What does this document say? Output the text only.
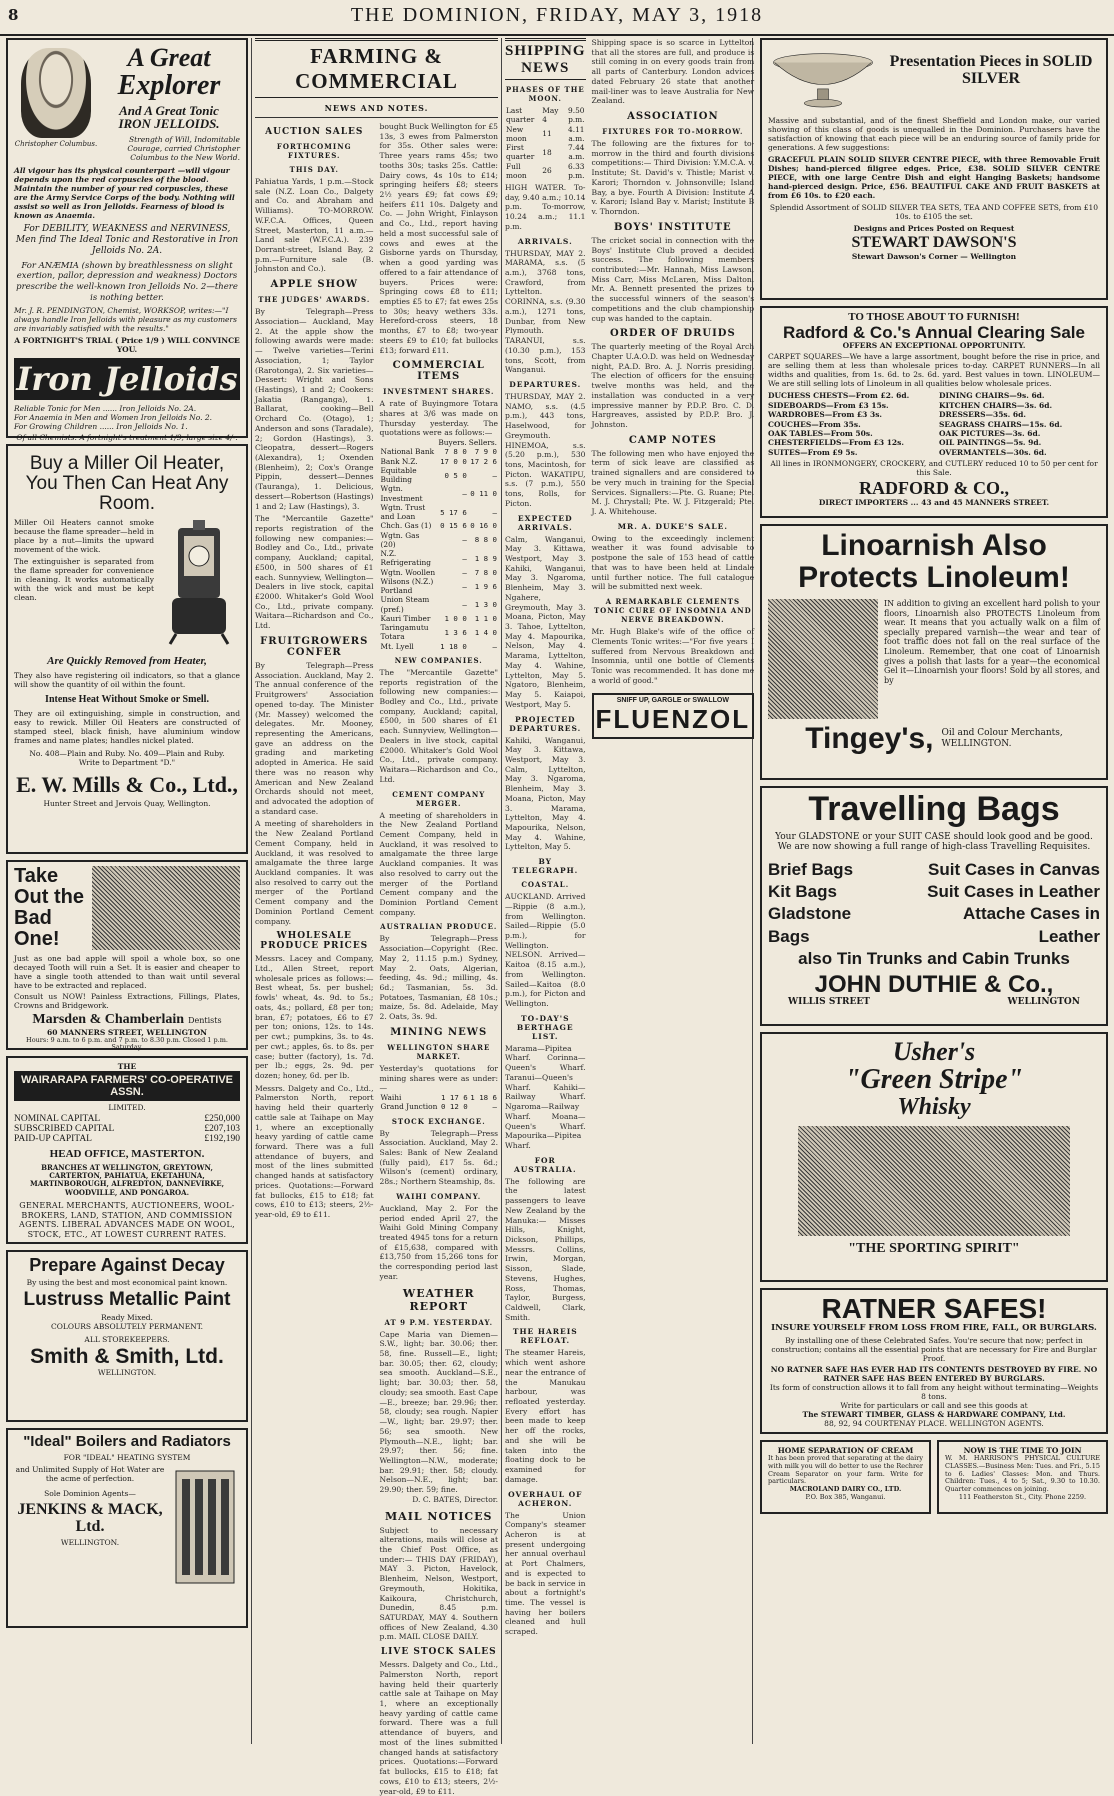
8	THE DOMINION, FRIDAY, MAY 3, 1918
Christopher Columbus.
A Great
Explorer
And A Great Tonic
IRON JELLOIDS.
Strength of Will, Indomitable Courage, carried Christopher Columbus to the New World.
All vigour has its physical counterpart —will vigour depends upon the red corpuscles of the blood. Maintain the number of your red corpuscles, these are the Army Service Corps of the body. Nothing will assist so well as Iron Jelloids. Fearness of blood is known as Anaemia.
For DEBILITY, WEAKNESS and NERVINESS, Men find The Ideal Tonic and Restorative in Iron Jelloids No. 2A.
For ANÆMIA (shown by breathlessness on slight exertion, pallor, depression and weakness) Doctors prescribe the well-known Iron Jelloids No. 2—there is nothing better.
Mr. J. R. PENDINGTON, Chemist, WORKSOP, writes:—"I always handle Iron Jelloids with pleasure as my customers are invariably satisfied with the results."
A FORTNIGHT'S TRIAL ( Price 1/9 ) WILL CONVINCE YOU.
Iron Jelloids
Reliable Tonic for Men ...... Iron Jelloids No. 2A.
For Anaemia in Men and Women Iron Jelloids No. 2.
For Growing Children ...... Iron Jelloids No. 1.
Of all Chemists. A fortnight's treatment 1/9, large size 4/-.
Buy a Miller Oil Heater, You Then Can Heat Any Room.
Miller Oil Heaters cannot smoke because the flame spreader—held in place by a nut—limits the upward movement of the wick.
The extinguisher is separated from the flame spreader for convenience in cleaning. It works automatically with the wick and must be kept clean.
Are Quickly Removed from Heater,
They also have registering oil indicators, so that a glance will show the quantity of oil within the fount.
Intense Heat Without Smoke or Smell.
They are oil extinguishing, simple in construction, and easy to rewick. Miller Oil Heaters are constructed of stamped steel, black finish, have aluminium window frames and name plates; handles nickel plated.
No. 408—Plain and Ruby. No. 409—Plain and Ruby.
Write to Department "D."
E. W. Mills & Co., Ltd.,
Hunter Street and Jervois Quay, Wellington.
Take Out the Bad One!
Just as one bad apple will spoil a whole box, so one decayed Tooth will ruin a Set. It is easier and cheaper to have a single tooth attended to than wait until several have to be extracted and replaced.
Consult us NOW! Painless Extractions, Fillings, Plates, Crowns and Bridgework.
Marsden & Chamberlain Dentists
60 MANNERS STREET, WELLINGTON
Hours: 9 a.m. to 6 p.m. and 7 p.m. to 8.30 p.m. Closed 1 p.m. Saturday.
THE
WAIRARAPA FARMERS' CO-OPERATIVE ASSN.
LIMITED.
NOMINAL CAPITAL	£250,000
SUBSCRIBED CAPITAL	£207,103
PAID-UP CAPITAL	£192,190
HEAD OFFICE, MASTERTON.
BRANCHES AT WELLINGTON, GREYTOWN, CARTERTON, PAHIATUA, EKETAHUNA, MARTINBOROUGH, ALFREDTON, DANNEVIRKE, WOODVILLE, AND PONGAROA.
GENERAL MERCHANTS, AUCTIONEERS, WOOL-BROKERS, LAND, STATION, AND COMMISSION AGENTS. LIBERAL ADVANCES MADE ON WOOL, STOCK, ETC., AT LOWEST CURRENT RATES.
Prepare Against Decay
By using the best and most economical paint known.
Lustruss Metallic Paint
Ready Mixed.
COLOURS ABSOLUTELY PERMANENT.
ALL STOREKEEPERS.
Smith & Smith, Ltd.
WELLINGTON.
"Ideal" Boilers and Radiators
FOR "IDEAL" HEATING SYSTEM
and Unlimited Supply of Hot Water are the acme of perfection.
Sole Dominion Agents—
JENKINS & MACK, Ltd.
WELLINGTON.
FARMING & COMMERCIAL
NEWS AND NOTES.
AUCTION SALES
FORTHCOMING FIXTURES.
THIS DAY.
Pahiatua Yards, 1 p.m.—Stock sale (N.Z. Loan Co., Dalgety and Co. and Abraham and Williams). TO-MORROW. W.F.C.A. Offices, Queen Street, Masterton, 11 a.m.—Land sale (W.F.C.A.). 239 Dorrant-street, Island Bay, 2 p.m.—Furniture sale (B. Johnston and Co.).
APPLE SHOW
THE JUDGES' AWARDS.
By Telegraph—Press Association— Auckland, May 2. At the apple show the following awards were made:— Twelve varieties—Terini Association, 1; Taylor (Rarotonga), 2. Six varieties—Dessert: Wright and Sons (Hastings), 1 and 2; Cookers: Jakatia (Ranganga), 1. Ballarat, cooking—Bell Orchard Co. (Otago), 1; Anderson and sons (Taradale), 2; Gordon (Hastings), 3. Cleopatra, dessert—Rogers (Alexandra), 1; Oxenden (Blenheim), 2; Cox's Orange Pippin, dessert—Dennes (Tauranga), 1. Delicious, dessert—Robertson (Hastings) 1 and 2; Law (Hastings), 3.
The "Mercantile Gazette" reports registration of the following new companies:—Bodley and Co., Ltd., private company, Auckland; capital, £500, in 500 shares of £1 each. Sunnyview, Wellington—Dealers in live stock, capital £2000. Whitaker's Gold Wool Co., Ltd., private company. Waitara—Richardson and Co., Ltd.
FRUITGROWERS CONFER
By Telegraph—Press Association. Auckland, May 2. The annual conference of the Fruitgrowers' Association opened to-day. The Minister (Mr. Massey) welcomed the delegates. Mr. Mooney, representing the Americans, gave an address on the grading and marketing adopted in America. He said there was no reason why American and New Zealand Orchards should not meet, and advocated the adoption of a standard case.
A meeting of shareholders in the New Zealand Portland Cement Company, held in Auckland, it was resolved to amalgamate the three large Auckland companies. It was also resolved to carry out the merger of the Portland Cement company and the Dominion Portland Cement company.
WHOLESALE PRODUCE PRICES
Messrs. Lacey and Company, Ltd., Allen Street, report wholesale prices as follows:—Best wheat, 5s. per bushel; fowls' wheat, 4s. 9d. to 5s.; oats, 4s.; pollard, £8 per ton; bran, £7; potatoes, £6 to £7 per ton; onions, 12s. to 14s. per cwt.; pumpkins, 3s. to 4s. per cwt.; apples, 6s. to 8s. per case; butter (factory), 1s. 7d. per lb.; eggs, 2s. 9d. per dozen; honey, 6d. per lb.
Messrs. Dalgety and Co., Ltd., Palmerston North, report having held their quarterly cattle sale at Taihape on May 1, where an exceptionally heavy yarding of cattle came forward. There was a full attendance of buyers, and most of the lines submitted changed hands at satisfactory prices. Quotations:—Forward fat bullocks, £15 to £18; fat cows, £10 to £13; steers, 2½-year-old, £9 to £11.
bought Buck Wellington for £5 13s, 3 ewes from Palmerston for 35s. Other sales were: Three years rams 45s; two tooths 30s; tasks 25s. Cattle: Dairy cows, 4s 10s to £14; springing heifers £8; steers 2½ years £9; fat cows £9; heifers £11 10s. Dalgety and Co. — John Wright, Finlayson and Co., Ltd., report having held a most successful sale of cows and ewes at the Gisborne yards on Thursday, when a good yarding was offered to a fair attendance of buyers. Prices were: Springing cows £8 to £11; empties £5 to £7; fat ewes 25s to 30s; heavy wethers 33s. Hereford-cross steers, 18 months, £7 to £8; two-year steers £9 to £10; fat bullocks £13; forward £11.
COMMERCIAL ITEMS
INVESTMENT SHARES.
A rate of Buyingmore Totara shares at 3/6 was made on Thursday yesterday. The quotations were as follows:—
	Buyers.	Sellers.
National Bank	7 8 0	7 9 0
Bank N.Z.	17 0 0	17 2 6
Equitable Building	0 5 0	—
Wgtn. Investment	—	0 11 0
Wgtn. Trust and Loan	5 17 6	—
Chch. Gas (1)	0 15 6	0 16 0
Wgtn. Gas (20)	—	8 8 0
N.Z. Refrigerating	—	1 8 9
Wgtn. Woollen	—	7 8 0
Wilsons (N.Z.) Portland	—	1 9 6
Union Steam (pref.)	—	1 3 0
Kauri Timber	1 0 0	1 1 0
Taringamutu Totara	1 3 6	1 4 0
Mt. Lyell	1 18 0	—
NEW COMPANIES.
The "Mercantile Gazette" reports registration of the following new companies:—Bodley and Co., Ltd., private company, Auckland; capital, £500, in 500 shares of £1 each. Sunnyview, Wellington—Dealers in live stock, capital £2000. Whitaker's Gold Wool Co., Ltd., private company. Waitara—Richardson and Co., Ltd.
CEMENT COMPANY MERGER.
A meeting of shareholders in the New Zealand Portland Cement Company, held in Auckland, it was resolved to amalgamate the three large Auckland companies. It was also resolved to carry out the merger of the Portland Cement company and the Dominion Portland Cement company.
AUSTRALIAN PRODUCE.
By Telegraph—Press Association—Copyright (Rec. May 2, 11.15 p.m.) Sydney, May 2. Oats, Algerian, feeding, 4s. 9d.; milling, 4s. 6d.; Tasmanian, 5s. 3d. Potatoes, Tasmanian, £8 10s.; maize, 5s. 8d. Adelaide, May 2. Oats, 3s. 9d.
MINING NEWS
WELLINGTON SHARE MARKET.
Yesterday's quotations for mining shares were as under:—
Waihi	1 17 6	1 18 6
Grand Junction	0 12 0	—
STOCK EXCHANGE.
By Telegraph—Press Association. Auckland, May 2. Sales: Bank of New Zealand (fully paid), £17 5s. 6d.; Wilson's (cement) ordinary, 28s.; Northern Steamship, 8s.
WAIHI COMPANY.
Auckland, May 2. For the period ended April 27, the Waihi Gold Mining Company treated 4945 tons for a return of £15,638, compared with £13,750 from 15,266 tons for the corresponding period last year.
WEATHER REPORT
AT 9 P.M. YESTERDAY.
Cape Maria van Diemen—S.W., light; bar. 30.06; ther. 58, fine. Russell—E., light; bar. 30.05; ther. 62, cloudy; sea smooth. Auckland—S.E., light; bar. 30.03; ther. 58, cloudy; sea smooth. East Cape—E., breeze; bar. 29.96; ther. 58, cloudy; sea rough. Napier—W., light; bar. 29.97; ther. 56; sea smooth. New Plymouth—N.E., light; bar. 29.97; ther. 56; fine. Wellington—N.W., moderate; bar. 29.91; ther. 58; cloudy. Nelson—N.E., light; bar. 29.90; ther. 59; fine.
D. C. BATES, Director.
MAIL NOTICES
Subject to necessary alterations, mails will close at the Chief Post Office, as under:— THIS DAY (FRIDAY), MAY 3. Picton, Havelock, Blenheim, Nelson, Westport, Greymouth, Hokitika, Kaikoura, Christchurch, Dunedin, 8.45 p.m. SATURDAY, MAY 4. Southern offices of New Zealand, 4.30 p.m. MAIL CLOSE DAILY.
LIVE STOCK SALES
Messrs. Dalgety and Co., Ltd., Palmerston North, report having held their quarterly cattle sale at Taihape on May 1, where an exceptionally heavy yarding of cattle came forward. There was a full attendance of buyers, and most of the lines submitted changed hands at satisfactory prices. Quotations:—Forward fat bullocks, £15 to £18; fat cows, £10 to £13; steers, 2½-year-old, £9 to £11.
SHIPPING NEWS
PHASES OF THE MOON.
Last quarter	May 4	9.50 p.m.
New moon	11	4.11 a.m.
First quarter	18	7.44 a.m.
Full moon	26	6.33 p.m.
HIGH WATER. To-day, 9.40 a.m.; 10.14 p.m. To-morrow, 10.24 a.m.; 11.1 p.m.
ARRIVALS.
THURSDAY, MAY 2. MARAMA, s.s. (5 a.m.), 3768 tons, Crawford, from Lyttelton. CORINNA, s.s. (9.30 a.m.), 1271 tons, Dunbar, from New Plymouth. TARANUI, s.s. (10.30 p.m.), 153 tons, Scott, from Wanganui.
DEPARTURES.
THURSDAY, MAY 2. NAMO, s.s. (4.5 p.m.), 443 tons, Haselwood, for Greymouth. HINEMOA, s.s. (5.20 p.m.), 530 tons, Macintosh, for Picton. WAKATIPU, s.s. (7 p.m.), 550 tons, Rolls, for Picton.
EXPECTED ARRIVALS.
Calm, Wanganui, May 3. Kittawa, Westport, May 3. Kahiki, Wanganui, May 3. Ngaroma, Blenheim, May 3. Ngahere, Greymouth, May 3. Moana, Picton, May 3. Tahoe, Lyttelton, May 4. Mapourika, Nelson, May 4. Marama, Lyttelton, May 4. Wahine, Lyttelton, May 5. Ngatoro, Blenheim, May 5. Kaiapoi, Westport, May 5.
PROJECTED DEPARTURES.
Kahiki, Wanganui, May 3. Kittawa, Westport, May 3. Calm, Lyttelton, May 3. Ngaroma, Blenheim, May 3. Moana, Picton, May 3. Marama, Lyttelton, May 4. Mapourika, Nelson, May 4. Wahine, Lyttelton, May 5.
BY TELEGRAPH.
COASTAL.
AUCKLAND. Arrived—Rippie (8 a.m.), from Wellington. Sailed—Rippie (5.0 p.m.), for Wellington. NELSON. Arrived—Kaitoa (8.15 a.m.), from Wellington. Sailed—Kaitoa (8.0 p.m.), for Picton and Wellington.
TO-DAY'S BERTHAGE LIST.
Marama—Pipitea Wharf. Corinna—Queen's Wharf. Taranui—Queen's Wharf. Kahiki—Railway Wharf. Ngaroma—Railway Wharf. Moana—Queen's Wharf. Mapourika—Pipitea Wharf.
FOR AUSTRALIA.
The following are the latest passengers to leave New Zealand by the Manuka:— Misses Hills, Knight, Dickson, Phillips, Messrs. Collins, Irwin, Morgan, Sisson, Slade, Stevens, Hughes, Ross, Thomas, Taylor, Burgess, Caldwell, Clark, Smith.
THE HAREIS REFLOAT.
The steamer Hareis, which went ashore near the entrance of the Manukau harbour, was refloated yesterday. Every effort has been made to keep her off the rocks, and she will be taken into the floating dock to be examined for damage.
OVERHAUL OF ACHERON.
The Union Company's steamer Acheron is at present undergoing her annual overhaul at Port Chalmers, and is expected to be back in service in about a fortnight's time. The vessel is having her boilers cleaned and hull scraped.
Shipping space is so scarce in Lyttelton that all the stores are full, and produce is still coming in on every goods train from all parts of Canterbury. London advices dated February 26 state that another mail-liner was to leave Australia for New Zealand.
ASSOCIATION
FIXTURES FOR TO-MORROW.
The following are the fixtures for to-morrow in the third and fourth divisions competitions:— Third Division: Y.M.C.A. v. Institute; St. David's v. Thistle; Marist v. Karori; Thorndon v. Johnsonville; Island Bay, a bye. Fourth A Division: Institute A v. Karori; Island Bay v. Marist; Institute B v. Thorndon.
BOYS' INSTITUTE
The cricket social in connection with the Boys' Institute Club proved a decided success. The following members contributed:—Mr. Hannah, Miss Lawson, Miss Carr, Miss McLaren, Miss Dalton. Mr. A. Bennett presented the prizes to the successful winners of the season's competitions and the club championship cup was handed to the captain.
ORDER OF DRUIDS
The quarterly meeting of the Royal Arch Chapter U.A.O.D. was held on Wednesday night, P.A.D. Bro. A. J. Norris presiding. The election of officers for the ensuing twelve months was held, and the installation was conducted in a very impressive manner by P.D.P. Bro. C. D. Hargreaves, assisted by P.D.P. Bro. J. Johnston.
CAMP NOTES
The following men who have enjoyed the term of sick leave are classified as trained signallers and are considered to be very much in training for the Special Services. Signallers:—Pte. G. Ruane; Pte. M. J. Chrystall; Pte. W. J. Fitzgerald; Pte. J. A. Whitehouse.
MR. A. DUKE'S SALE.
Owing to the exceedingly inclement weather it was found advisable to postpone the sale of 153 head of cattle that was to have been held at Lindale until further notice. The full catalogue will be submitted next week.
A REMARKABLE CLEMENTS TONIC CURE OF INSOMNIA AND NERVE BREAKDOWN.
Mr. Hugh Blake's wife of the office of Clements Tonic writes:—"For five years I suffered from Nervous Breakdown and Insomnia, until one bottle of Clements Tonic was recommended. It has done me a world of good."
SNIFF UP, GARGLE or SWALLOW
FLUENZOL
Presentation Pieces in SOLID SILVER
Massive and substantial, and of the finest Sheffield and London make, our varied showing of this class of goods is unequalled in the Dominion. Purchasers have the satisfaction of knowing that each piece will be an enduring source of family pride for generations. A few suggestions:
GRACEFUL PLAIN SOLID SILVER CENTRE PIECE, with three Removable Fruit Dishes; hand-pierced filigree edges. Price, £38. SOLID SILVER CENTRE PIECE, with one large Centre Dish and eight Hanging Baskets; handsome hand-pierced design. Price, £56. BEAUTIFUL CAKE AND FRUIT BASKETS at from £6 10s. to £20 each.
Splendid Assortment of SOLID SILVER TEA SETS, TEA AND COFFEE SETS, from £10 10s. to £105 the set.
Designs and Prices Posted on Request
STEWART DAWSON'S
Stewart Dawson's Corner — Wellington
TO THOSE ABOUT TO FURNISH!
Radford & Co.'s Annual Clearing Sale
OFFERS AN EXCEPTIONAL OPPORTUNITY.
CARPET SQUARES—We have a large assortment, bought before the rise in price, and are selling them at less than wholesale prices to-day. CARPET RUNNERS—In all widths and qualities, from 1s. 6d. to 2s. 6d. yard. Best values in town. LINOLEUM—We are still selling lots of Linoleum in all qualities below wholesale prices.
DUCHESS CHESTS—From £2. 6d.
SIDEBOARDS—From £3 15s.
WARDROBES—From £3 3s.
COUCHES—From 35s.
OAK TABLES—From 50s.
CHESTERFIELDS—From £3 12s.
SUITES—From £9 5s.
DINING CHAIRS—9s. 6d.
KITCHEN CHAIRS—3s. 6d.
DRESSERS—35s. 6d.
SEAGRASS CHAIRS—15s. 6d.
OAK PICTURES—3s. 6d.
OIL PAINTINGS—5s. 9d.
OVERMANTELS—30s. 6d.
All lines in IRONMONGERY, CROCKERY, and CUTLERY reduced 10 to 50 per cent for this Sale.
RADFORD & CO.,
DIRECT IMPORTERS ... 43 and 45 MANNERS STREET.
Linoarnish Also
Protects Linoleum!
IN addition to giving an excellent hard polish to your floors, Linoarnish also PROTECTS Linoleum from wear. It means that you actually walk on a film of specially prepared varnish—the wear and tear of foot traffic does not fall on the real surface of the Linoleum. Remember, that one coat of Linoarnish gives a polish that lasts for a year—the economical Gel it—Linoarnish your floors! Sold by all stores, and by
Tingey's, Oil and Colour Merchants,
WELLINGTON.
Travelling Bags
Your GLADSTONE or your SUIT CASE should look good and be good. We are now showing a full range of high-class Travelling Requisites.
Brief Bags
Kit Bags
Gladstone Bags
Suit Cases in Canvas
Suit Cases in Leather
Attache Cases in Leather
also Tin Trunks and Cabin Trunks
JOHN DUTHIE & Co.,
WILLIS STREET	WELLINGTON
Usher's
"Green Stripe"
Whisky
"THE SPORTING SPIRIT"
RATNER SAFES!
INSURE YOURSELF FROM LOSS FROM FIRE, FALL, OR BURGLARS.
By installing one of these Celebrated Safes. You're secure that now; perfect in construction; contains all the essential points that are necessary for Fire and Burglar Proof.
NO RATNER SAFE HAS EVER HAD ITS CONTENTS DESTROYED BY FIRE. NO RATNER SAFE HAS BEEN ENTERED BY BURGLARS.
Its form of construction allows it to fall from any height without terminating—Weights 8 tons.
Write for particulars or call and see this goods at
The STEWART TIMBER, GLASS & HARDWARE COMPANY, Ltd.
88, 92, 94 COURTENAY PLACE. WELLINGTON AGENTS.
HOME SEPARATION OF CREAM
It has been proved that separating at the dairy with milk you will do better to use the Rechrer Cream Separator on your farm. Write for particulars.
MACROLAND DAIRY CO., LTD.
P.O. Box 385, Wanganui.
NOW IS THE TIME TO JOIN
W. M. HARRISON'S PHYSICAL CULTURE CLASSES.—Business Men: Tues. and Fri., 5.15 to 6. Ladies' Classes: Mon. and Thurs. Children: Tues., 4 to 5; Sat., 9.30 to 10.30. Quarter commences on joining.
111 Featherston St., City. Phone 2259.
